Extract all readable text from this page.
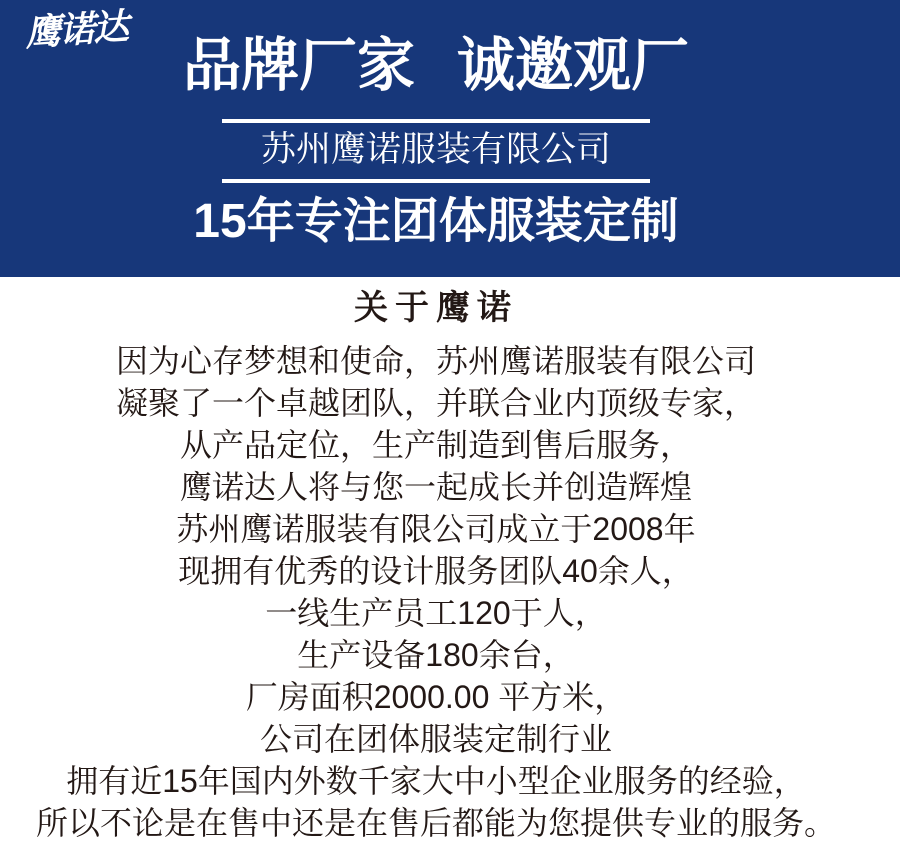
鹰诺达
品牌厂家 诚邀观厂
苏州鹰诺服装有限公司
15年专注团体服装定制
关于鹰诺
因为心存梦想和使命，苏州鹰诺服装有限公司
凝聚了一个卓越团队，并联合业内顶级专家，
从产品定位，生产制造到售后服务，
鹰诺达人将与您一起成长并创造辉煌
苏州鹰诺服装有限公司成立于2008年
现拥有优秀的设计服务团队40余人，
一线生产员工120于人，
生产设备180余台，
厂房面积2000.00 平方米，
公司在团体服装定制行业
拥有近15年国内外数千家大中小型企业服务的经验，
所以不论是在售中还是在售后都能为您提供专业的服务。
